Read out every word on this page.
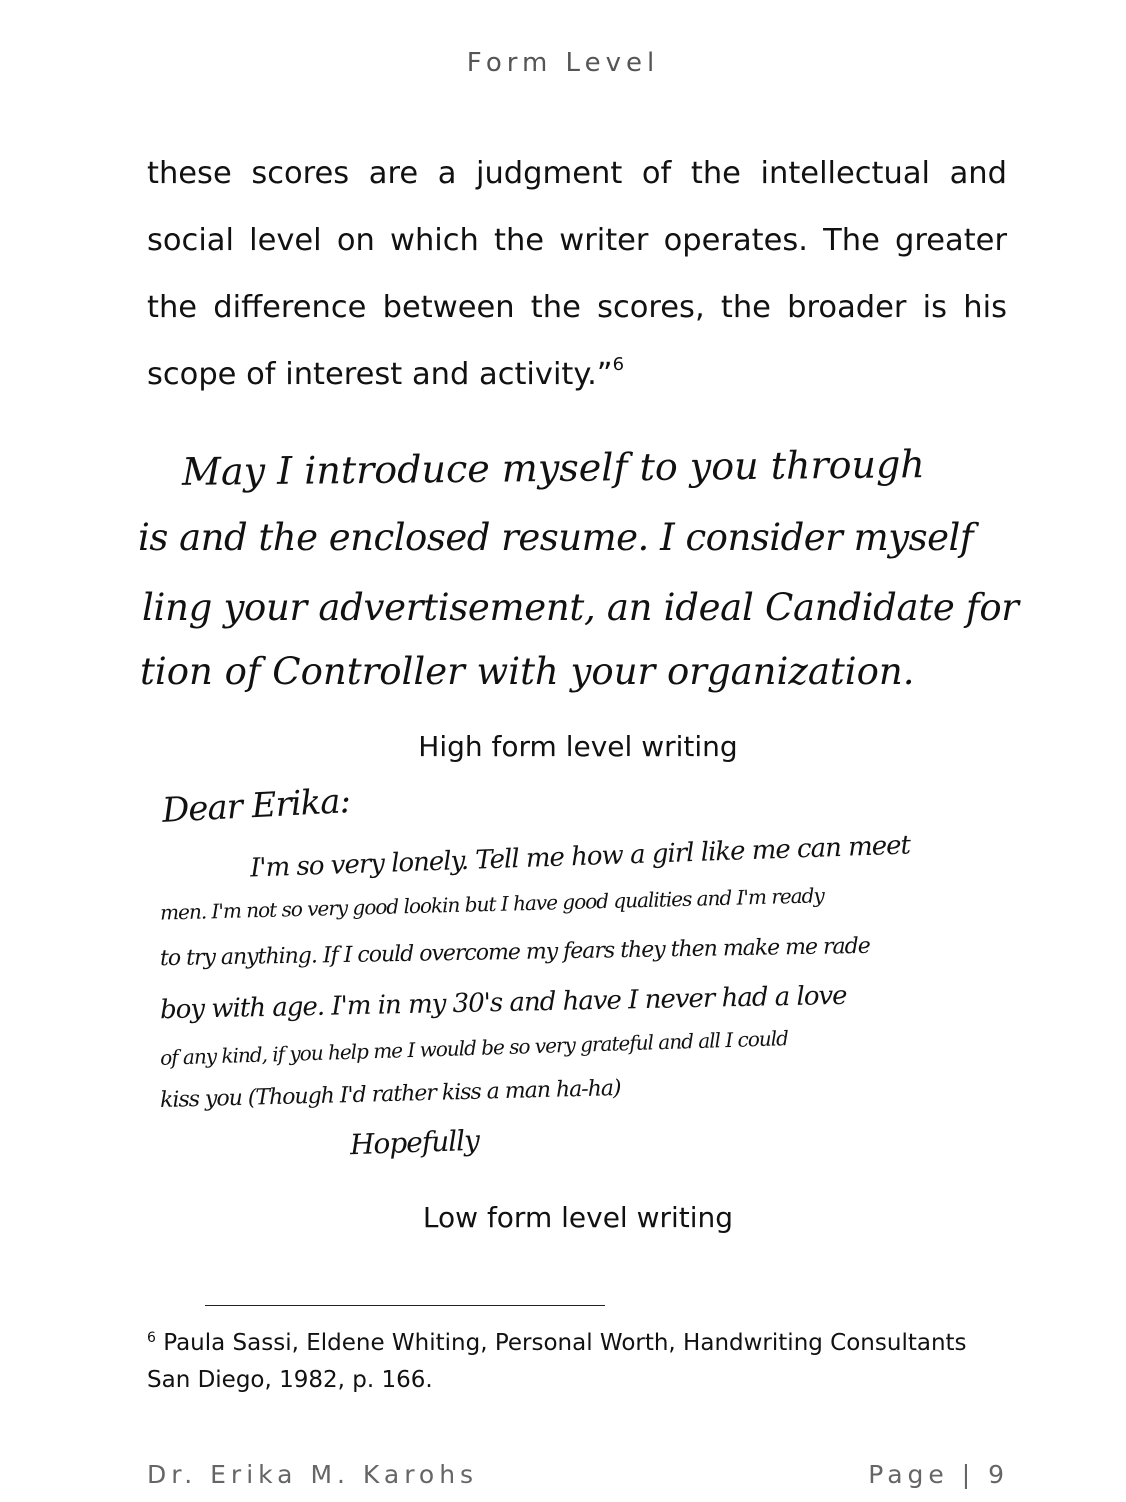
Form Level

these scores are a judgment of the intellectual and social level on which the writer operates. The greater the difference between the scores, the broader is his scope of interest and activity.”$^6$

May I introduce myself to you through
is and the enclosed resume. I consider myself
ling your advertisement, an ideal Candidate for
tion of Controller with your organization.
High form level writing
Dear Erika:
I'm so very lonely. Tell me how a girl like me can meet
men. I'm not so very good lookin but I have good qualities and I'm ready
to try anything. If I could overcome my fears they then make me rade
boy with age. I'm in my 30's and have I never had a love
of any kind, if you help me I would be so very grateful and all I could
kiss you (Though I'd rather kiss a man ha-ha)
Hopefully
Low form level writing

$^6$ Paula Sassi, Eldene Whiting, Personal Worth, Handwriting Consultants San Diego, 1982, p. 166.

Dr. Erika M. Karohs	Page | 9
